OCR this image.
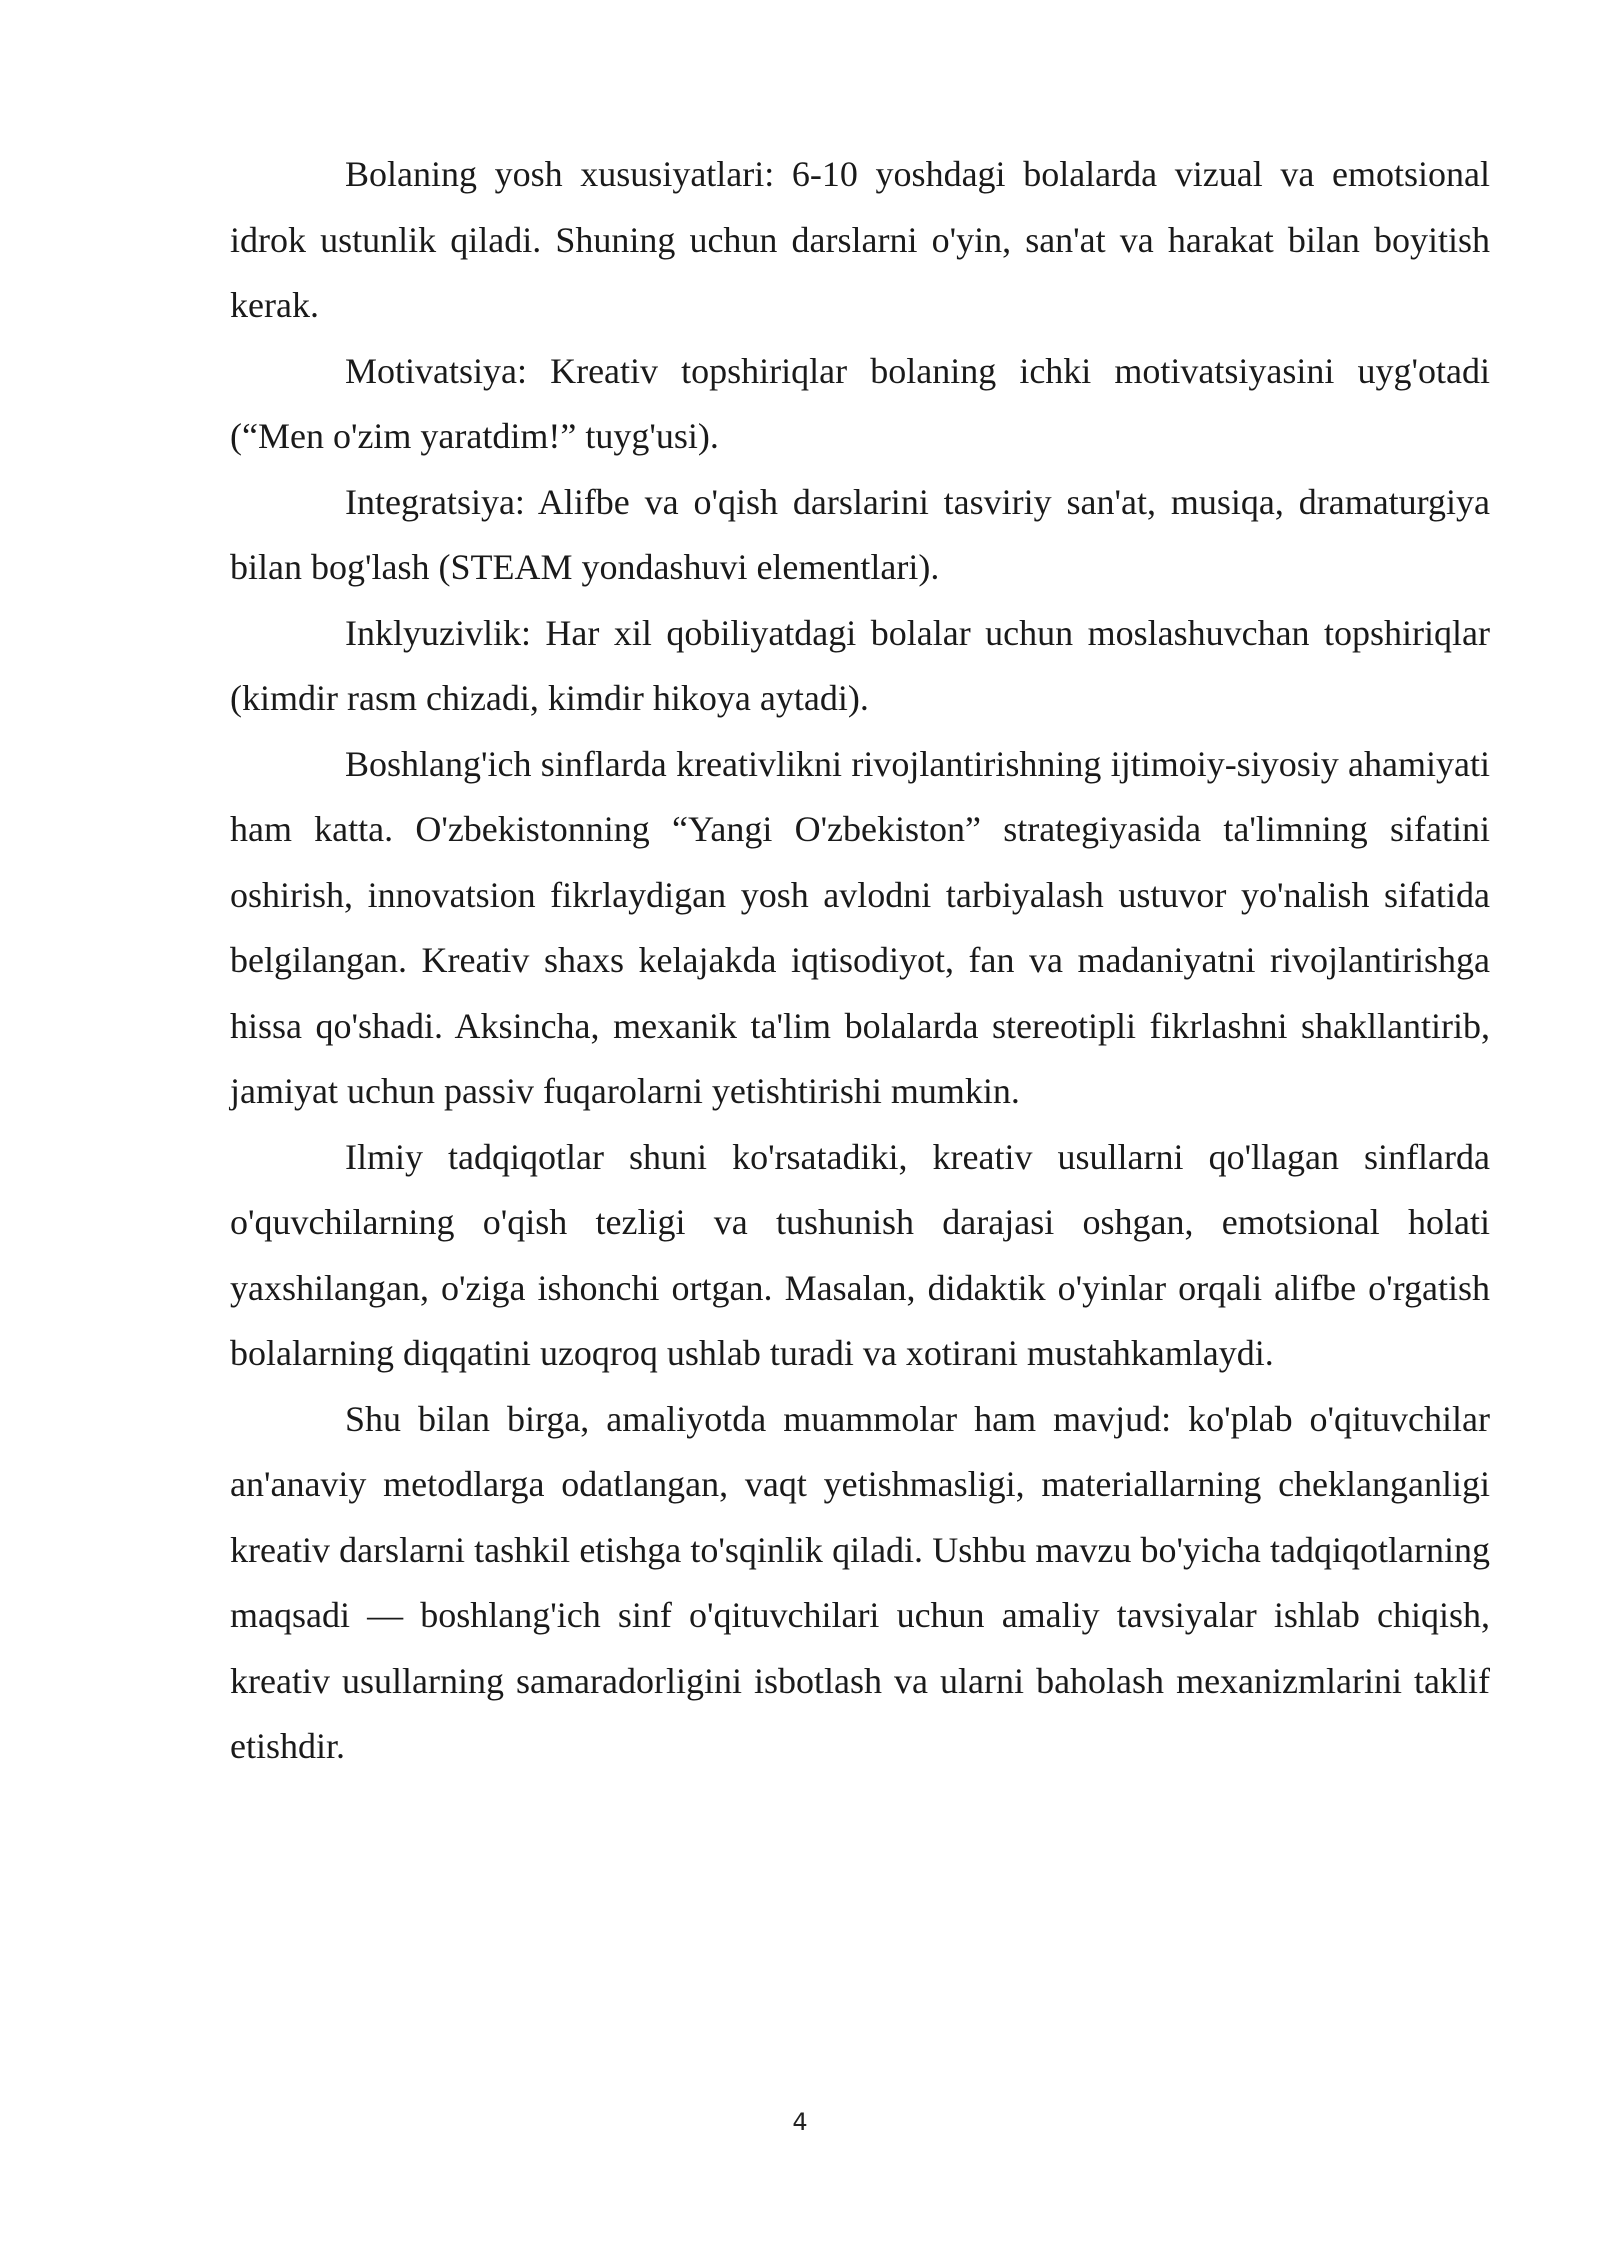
Bolaning yosh xususiyatlari: 6-10 yoshdagi bolalarda vizual va emotsional idrok ustunlik qiladi. Shuning uchun darslarni o'yin, san'at va harakat bilan boyitish kerak.

Motivatsiya: Kreativ topshiriqlar bolaning ichki motivatsiyasini uyg'otadi (“Men o'zim yaratdim!” tuyg'usi).

Integratsiya: Alifbe va o'qish darslarini tasviriy san'at, musiqa, dramaturgiya bilan bog'lash (STEAM yondashuvi elementlari).

Inklyuzivlik: Har xil qobiliyatdagi bolalar uchun moslashuvchan topshiriqlar (kimdir rasm chizadi, kimdir hikoya aytadi).

Boshlang'ich sinflarda kreativlikni rivojlantirishning ijtimoiy-siyosiy ahamiyati ham katta. O'zbekistonning “Yangi O'zbekiston” strategiyasida ta'limning sifatini oshirish, innovatsion fikrlaydigan yosh avlodni tarbiyalash ustuvor yo'nalish sifatida belgilangan. Kreativ shaxs kelajakda iqtisodiyot, fan va madaniyatni rivojlantirishga hissa qo'shadi. Aksincha, mexanik ta'lim bolalarda stereotipli fikrlashni shakllantirib, jamiyat uchun passiv fuqarolarni yetishtirishi mumkin.

Ilmiy tadqiqotlar shuni ko'rsatadiki, kreativ usullarni qo'llagan sinflarda o'quvchilarning o'qish tezligi va tushunish darajasi oshgan, emotsional holati yaxshilangan, o'ziga ishonchi ortgan. Masalan, didaktik o'yinlar orqali alifbe o'rgatish bolalarning diqqatini uzoqroq ushlab turadi va xotirani mustahkamlaydi.

Shu bilan birga, amaliyotda muammolar ham mavjud: ko'plab o'qituvchilar an'anaviy metodlarga odatlangan, vaqt yetishmasligi, materiallarning cheklanganligi kreativ darslarni tashkil etishga to'sqinlik qiladi. Ushbu mavzu bo'yicha tadqiqotlarning maqsadi — boshlang'ich sinf o'qituvchilari uchun amaliy tavsiyalar ishlab chiqish, kreativ usullarning samaradorligini isbotlash va ularni baholash mexanizmlarini taklif etishdir.

4
